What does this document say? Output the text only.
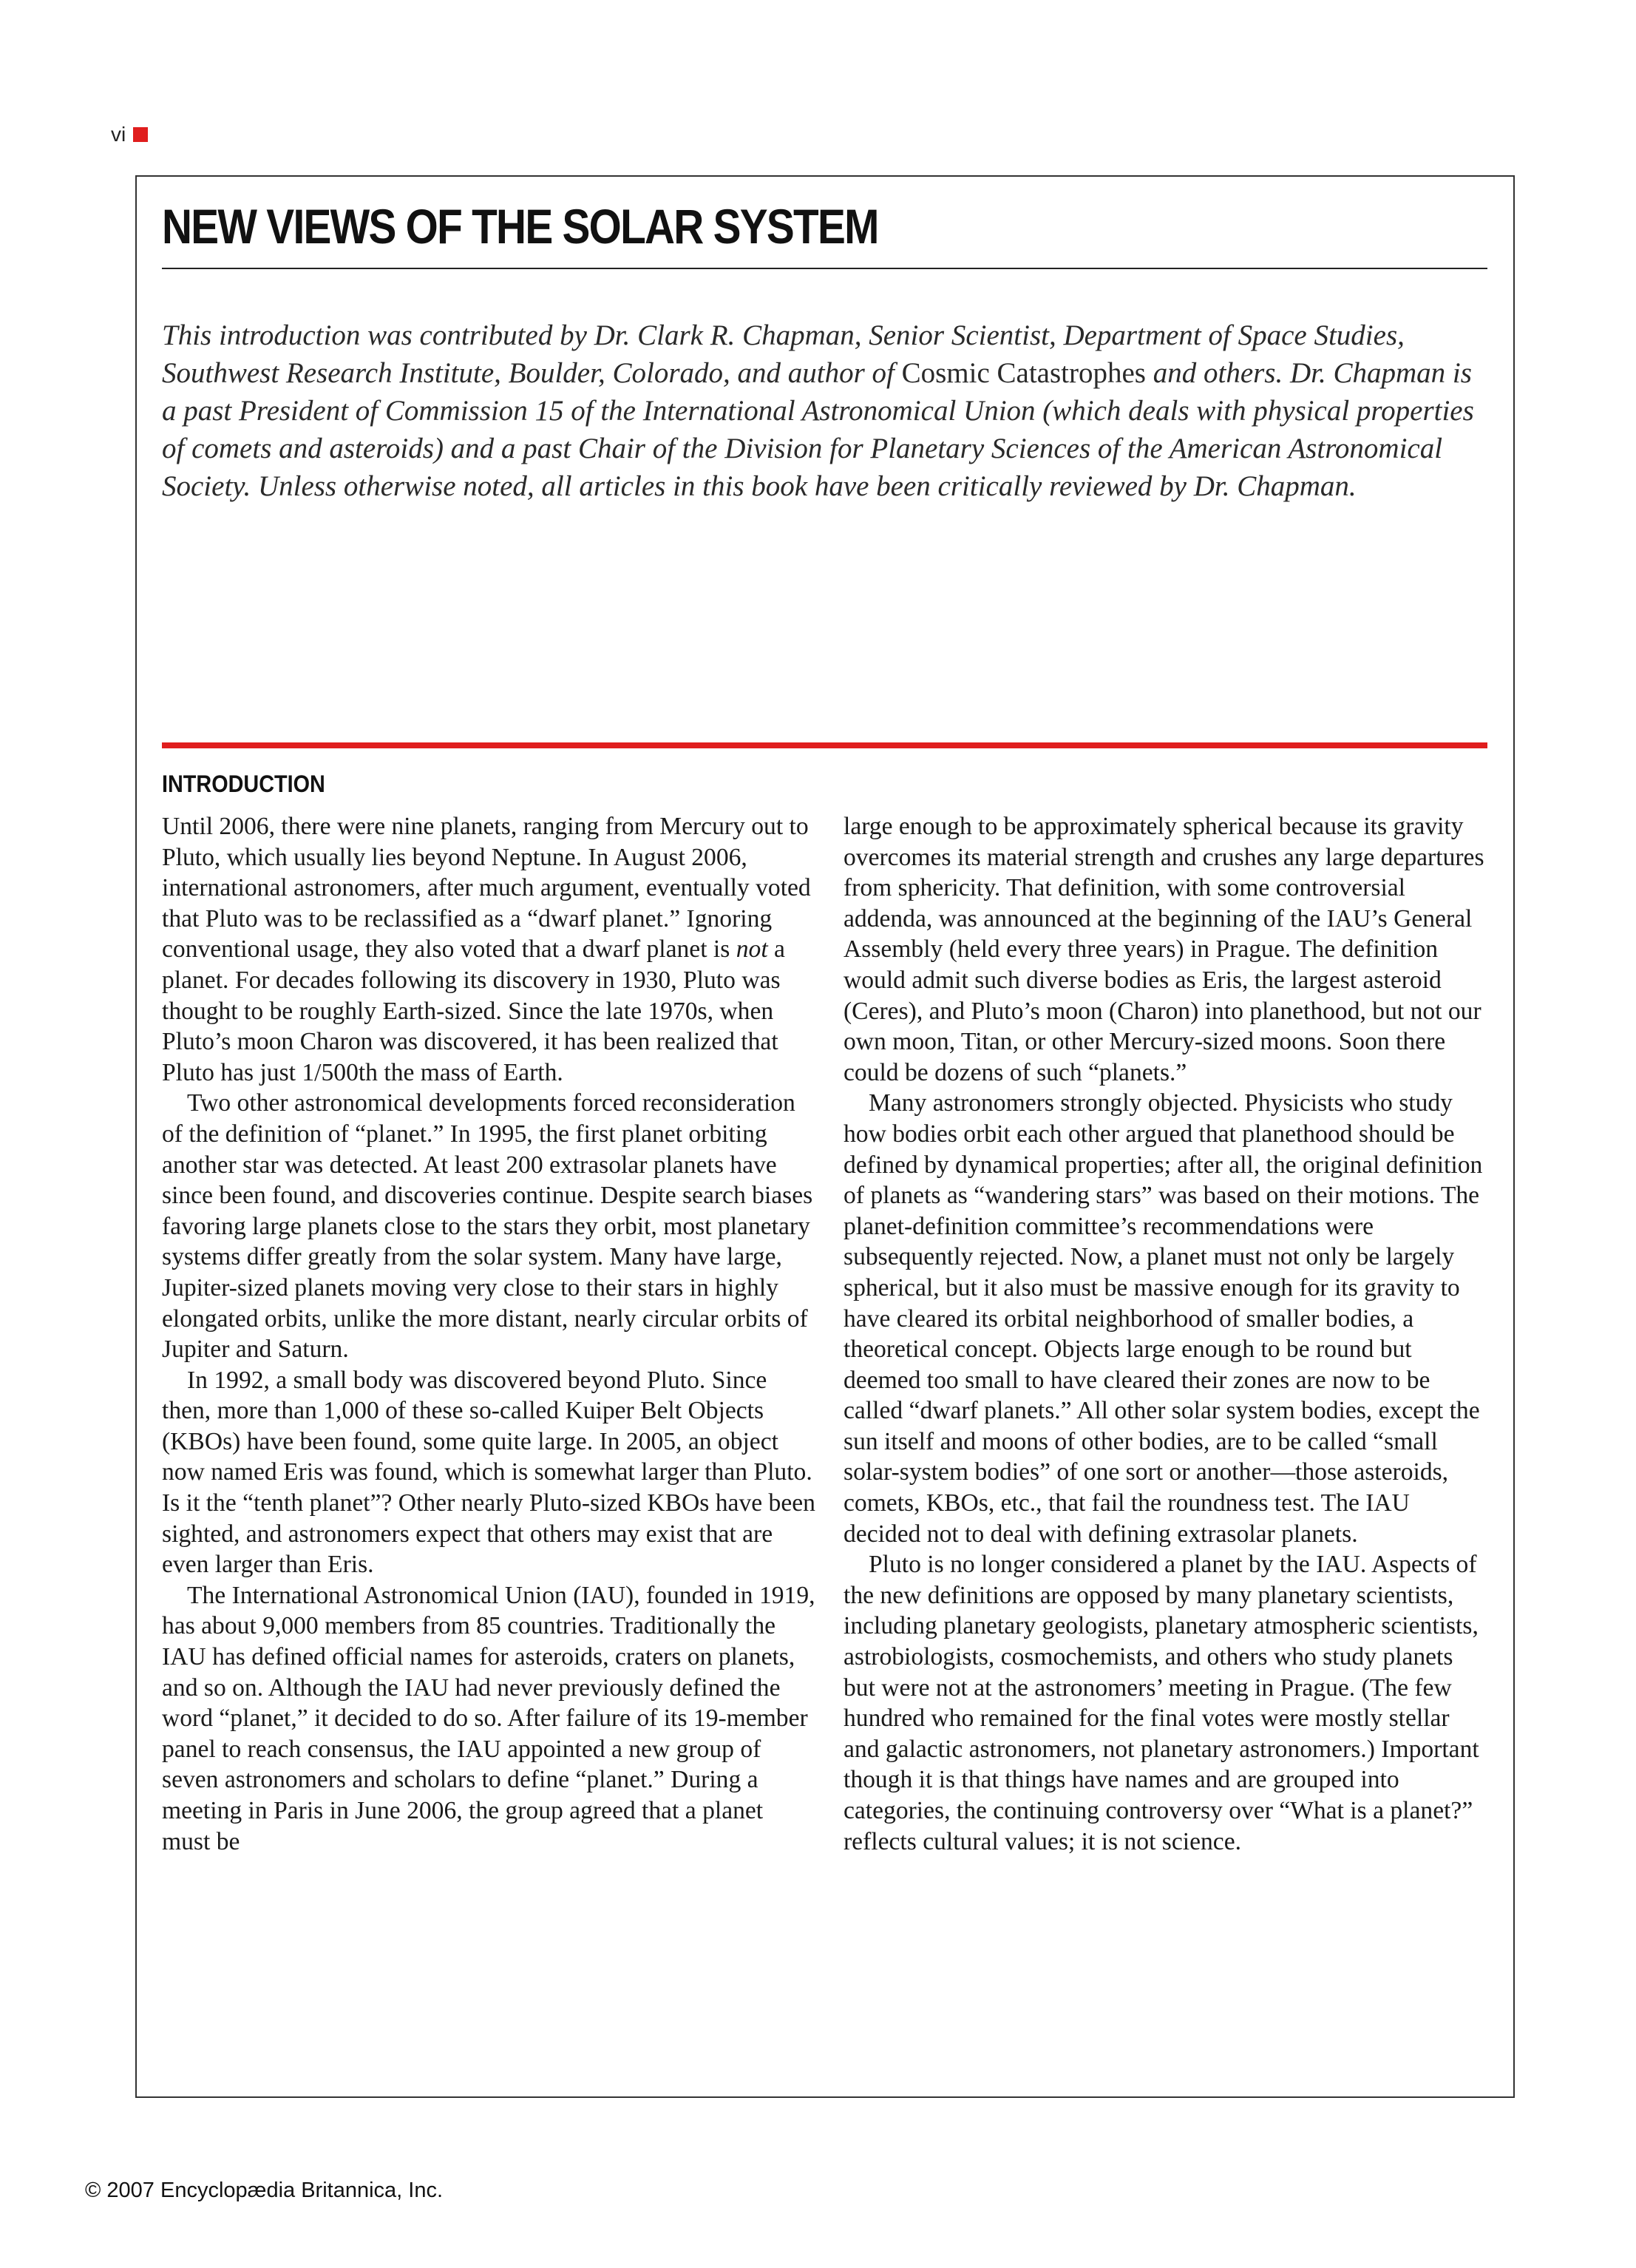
vi
NEW VIEWS OF THE SOLAR SYSTEM

This introduction was contributed by Dr. Clark R. Chapman, Senior Scientist, Department of Space Studies, Southwest Research Institute, Boulder, Colorado, and author of Cosmic Catastrophes and others. Dr. Chapman is a past President of Commission 15 of the International Astronomical Union (which deals with physical properties of comets and asteroids) and a past Chair of the Division for Planetary Sciences of the American Astronomical Society. Unless otherwise noted, all articles in this book have been critically reviewed by Dr. Chapman.

INTRODUCTION

Until 2006, there were nine planets, ranging from Mercury out to Pluto, which usually lies beyond Neptune. In August 2006, international astronomers, after much argument, eventually voted that Pluto was to be reclassified as a “dwarf planet.” Ignoring conventional usage, they also voted that a dwarf planet is not a planet. For decades following its discovery in 1930, Pluto was thought to be roughly Earth-sized. Since the late 1970s, when Pluto’s moon Charon was discovered, it has been realized that Pluto has just 1/500th the mass of Earth.

Two other astronomical developments forced reconsideration of the definition of “planet.” In 1995, the first planet orbiting another star was detected. At least 200 extrasolar planets have since been found, and discoveries continue. Despite search biases favoring large planets close to the stars they orbit, most planetary systems differ greatly from the solar system. Many have large, Jupiter-sized planets moving very close to their stars in highly elongated orbits, unlike the more distant, nearly circular orbits of Jupiter and Saturn.

In 1992, a small body was discovered beyond Pluto. Since then, more than 1,000 of these so-called Kuiper Belt Objects (KBOs) have been found, some quite large. In 2005, an object now named Eris was found, which is somewhat larger than Pluto. Is it the “tenth planet”? Other nearly Pluto-sized KBOs have been sighted, and astronomers expect that others may exist that are even larger than Eris.

The International Astronomical Union (IAU), founded in 1919, has about 9,000 members from 85 countries. Traditionally the IAU has defined official names for asteroids, craters on planets, and so on. Although the IAU had never previously defined the word “planet,” it decided to do so. After failure of its 19-member panel to reach consensus, the IAU appointed a new group of seven astronomers and scholars to define “planet.” During a meeting in Paris in June 2006, the group agreed that a planet must be

large enough to be approximately spherical because its gravity overcomes its material strength and crushes any large departures from sphericity. That definition, with some controversial addenda, was announced at the beginning of the IAU’s General Assembly (held every three years) in Prague. The definition would admit such diverse bodies as Eris, the largest asteroid (Ceres), and Pluto’s moon (Charon) into planethood, but not our own moon, Titan, or other Mercury-sized moons. Soon there could be dozens of such “planets.”

Many astronomers strongly objected. Physicists who study how bodies orbit each other argued that planethood should be defined by dynamical properties; after all, the original definition of planets as “wandering stars” was based on their motions. The planet-definition committee’s recommendations were subsequently rejected. Now, a planet must not only be largely spherical, but it also must be massive enough for its gravity to have cleared its orbital neighborhood of smaller bodies, a theoretical concept. Objects large enough to be round but deemed too small to have cleared their zones are now to be called “dwarf planets.” All other solar system bodies, except the sun itself and moons of other bodies, are to be called “small solar-system bodies” of one sort or another—those asteroids, comets, KBOs, etc., that fail the roundness test. The IAU decided not to deal with defining extrasolar planets.

Pluto is no longer considered a planet by the IAU. Aspects of the new definitions are opposed by many planetary scientists, including planetary geologists, planetary atmospheric scientists, astrobiologists, cosmochemists, and others who study planets but were not at the astronomers’ meeting in Prague. (The few hundred who remained for the final votes were mostly stellar and galactic astronomers, not planetary astronomers.) Important though it is that things have names and are grouped into categories, the continuing controversy over “What is a planet?” reflects cultural values; it is not science.

© 2007 Encyclopædia Britannica, Inc.
